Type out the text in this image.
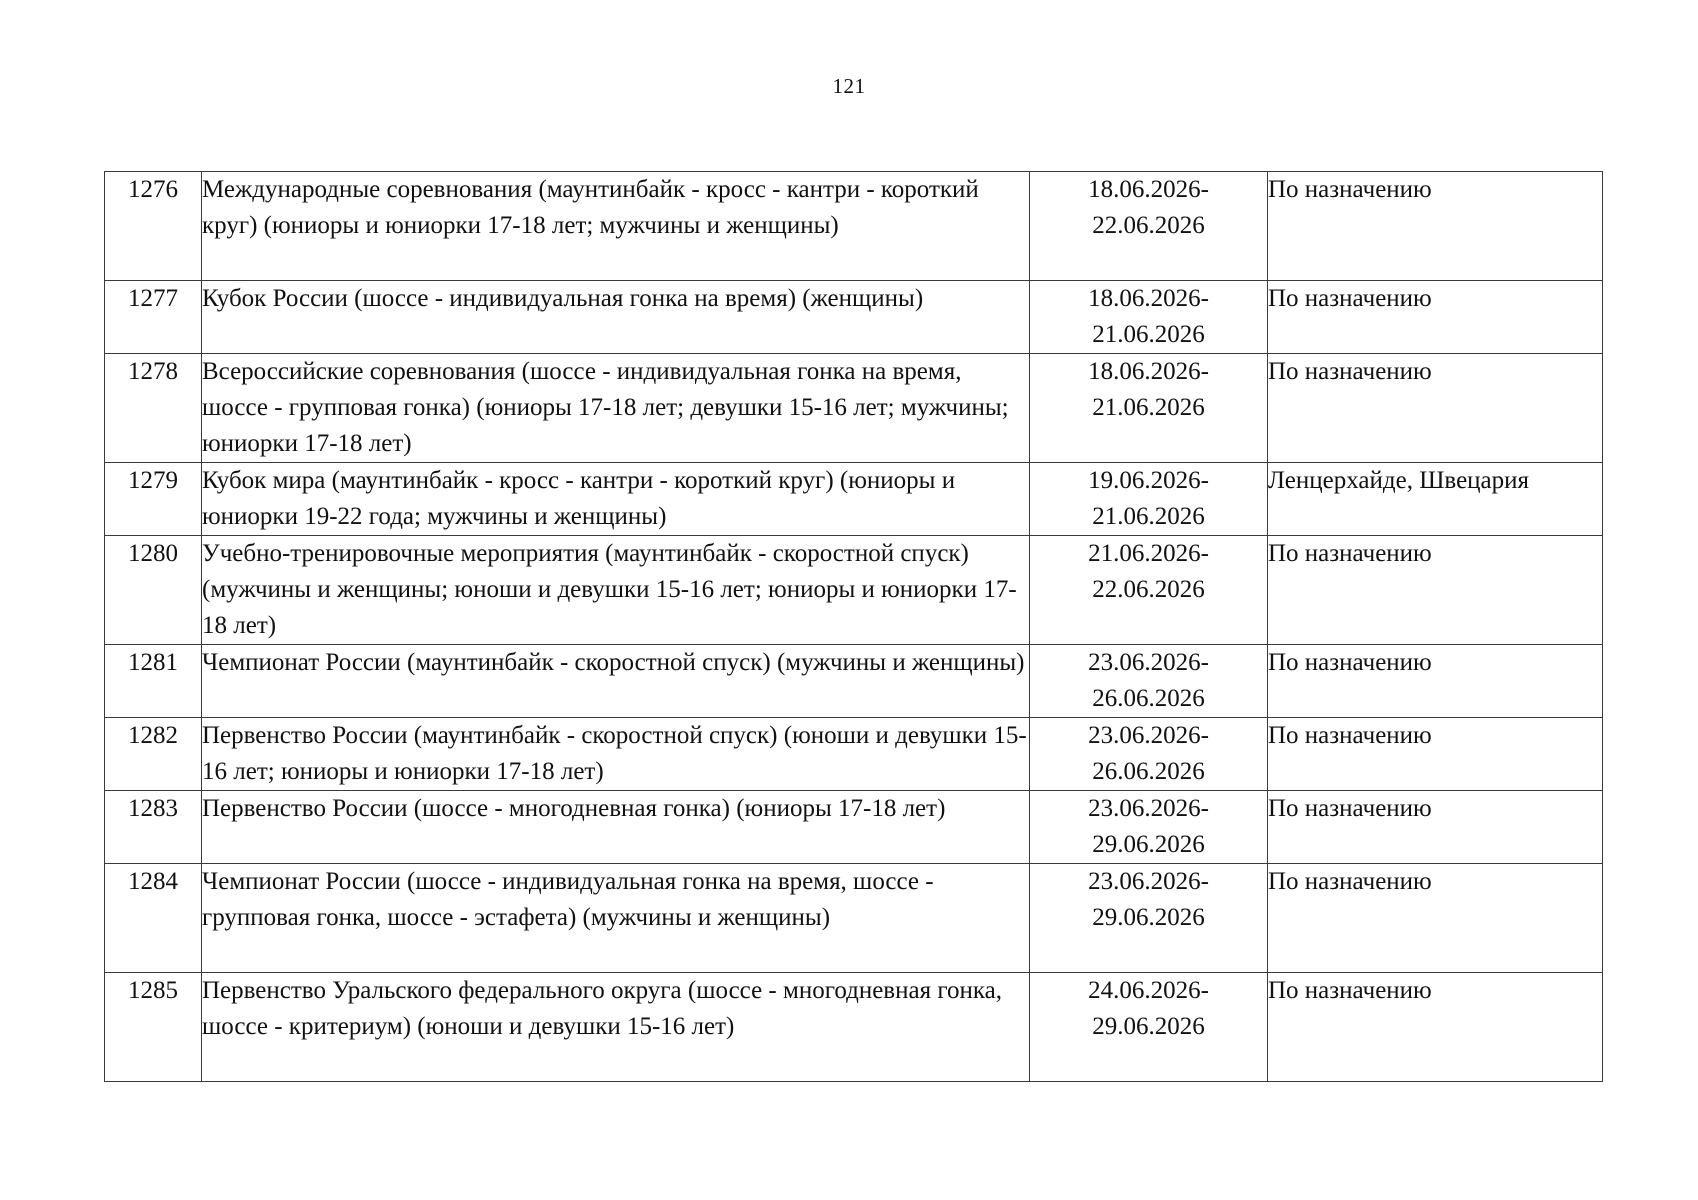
121
1276	Международные соревнования (маунтинбайк - кросс - кантри - короткий круг) (юниоры и юниорки 17-18 лет; мужчины и женщины)	18.06.2026-
22.06.2026	По назначению
1277	Кубок России (шоссе - индивидуальная гонка на время) (женщины)	18.06.2026-
21.06.2026	По назначению
1278	Всероссийские соревнования (шоссе - индивидуальная гонка на время, шоссе - групповая гонка) (юниоры 17-18 лет; девушки 15-16 лет; мужчины; юниорки 17-18 лет)	18.06.2026-
21.06.2026	По назначению
1279	Кубок мира (маунтинбайк - кросс - кантри - короткий круг) (юниоры и юниорки 19-22 года; мужчины и женщины)	19.06.2026-
21.06.2026	Ленцерхайде, Швецария
1280	Учебно-тренировочные мероприятия (маунтинбайк - скоростной спуск) (мужчины и женщины; юноши и девушки 15-16 лет; юниоры и юниорки 17-18 лет)	21.06.2026-
22.06.2026	По назначению
1281	Чемпионат России (маунтинбайк - скоростной спуск) (мужчины и женщины)	23.06.2026-
26.06.2026	По назначению
1282	Первенство России (маунтинбайк - скоростной спуск) (юноши и девушки 15-16 лет; юниоры и юниорки 17-18 лет)	23.06.2026-
26.06.2026	По назначению
1283	Первенство России (шоссе - многодневная гонка) (юниоры 17-18 лет)	23.06.2026-
29.06.2026	По назначению
1284	Чемпионат России (шоссе - индивидуальная гонка на время, шоссе - групповая гонка, шоссе - эстафета) (мужчины и женщины)	23.06.2026-
29.06.2026	По назначению
1285	Первенство Уральского федерального округа (шоссе - многодневная гонка, шоссе - критериум) (юноши и девушки 15-16 лет)	24.06.2026-
29.06.2026	По назначению
